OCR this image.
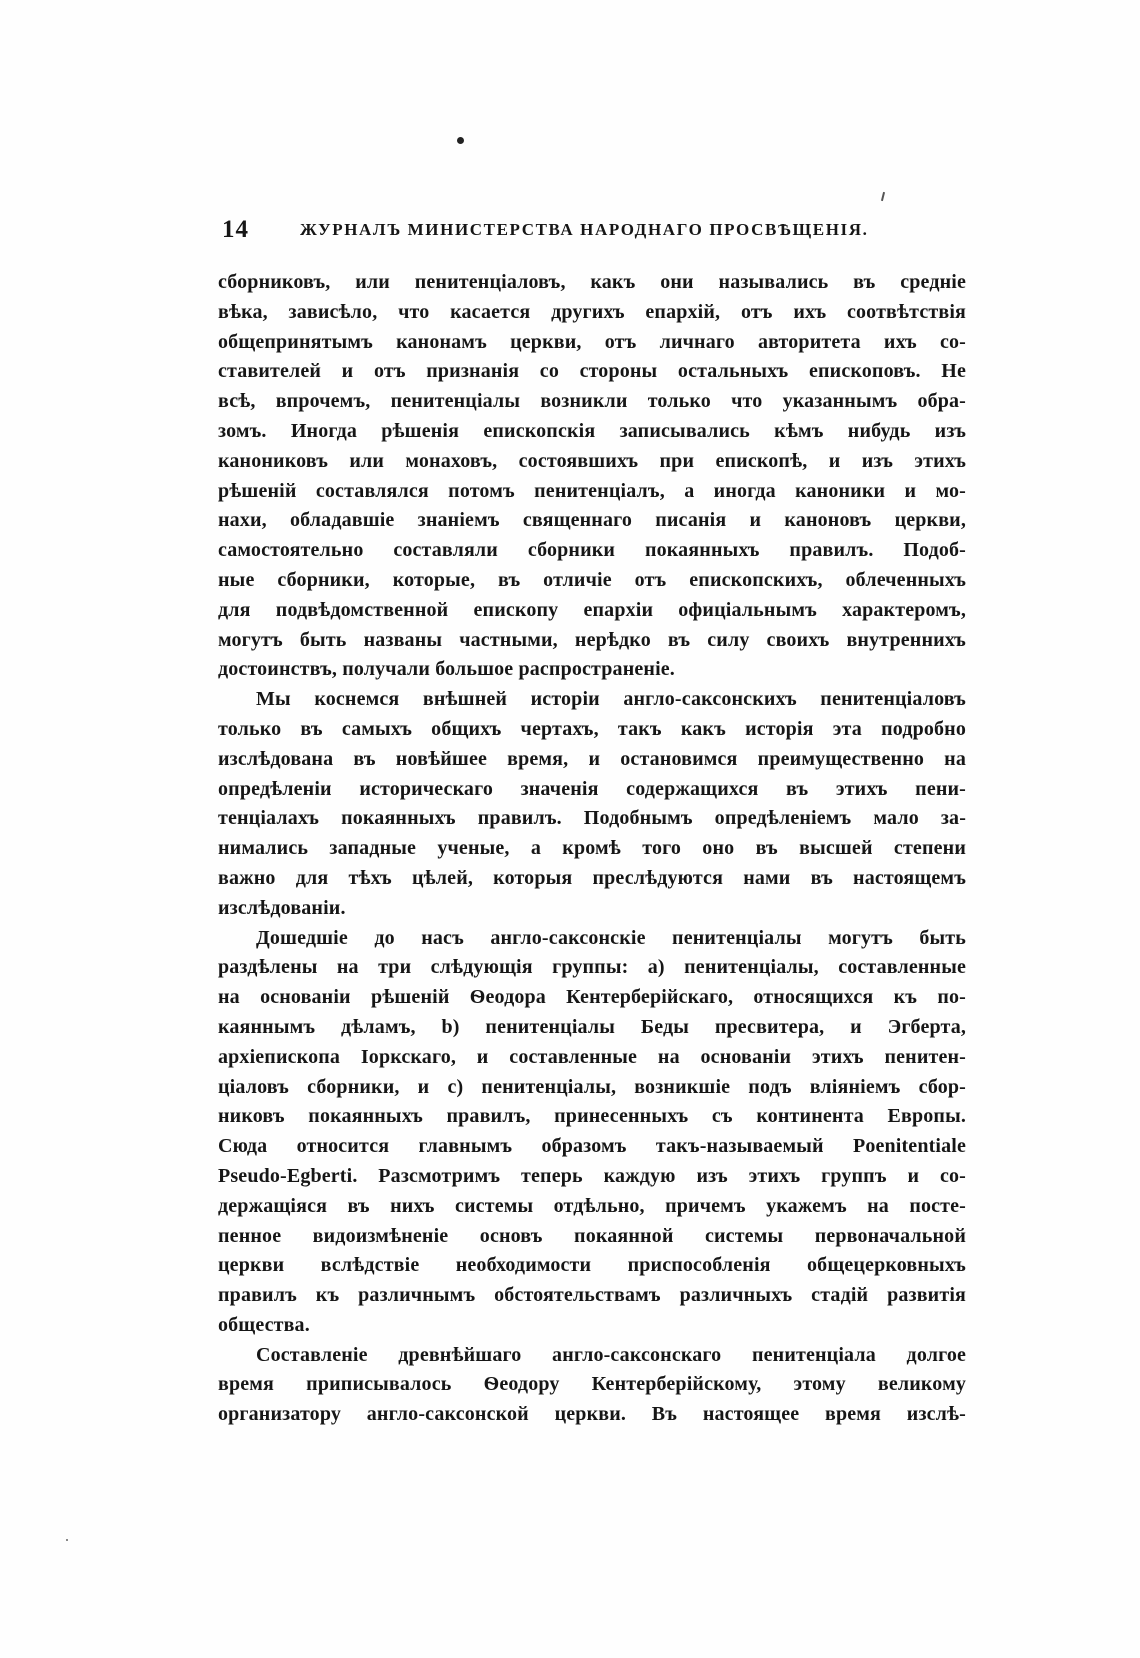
14	ЖУРНАЛЪ МИНИСТЕРСТВА НАРОДНАГО ПРОСВѢЩЕНІЯ.
сборниковъ, или пенитенціаловъ, какъ они назывались въ средніе
вѣка, зависѣло, что касается другихъ епархій, отъ ихъ соотвѣтствія
общепринятымъ канонамъ церкви, отъ личнаго авторитета ихъ со-
ставителей и отъ признанія со стороны остальныхъ епископовъ. Не
всѣ, впрочемъ, пенитенціалы возникли только что указаннымъ обра-
зомъ. Иногда рѣшенія епископскія записывались кѣмъ нибудь изъ
канониковъ или монаховъ, состоявшихъ при епископѣ, и изъ этихъ
рѣшеній составлялся потомъ пенитенціалъ, а иногда каноники и мо-
нахи, обладавшіе знаніемъ священнаго писанія и каноновъ церкви,
самостоятельно составляли сборники покаянныхъ правилъ. Подоб-
ные сборники, которые, въ отличіе отъ епископскихъ, облеченныхъ
для подвѣдомственной епископу епархіи офиціальнымъ характеромъ,
могутъ быть названы частными, нерѣдко въ силу своихъ внутреннихъ
достоинствъ, получали большое распространеніе.
Мы коснемся внѣшней исторіи англо-саксонскихъ пенитенціаловъ
только въ самыхъ общихъ чертахъ, такъ какъ исторія эта подробно
изслѣдована въ новѣйшее время, и остановимся преимущественно на
опредѣленіи историческаго значенія содержащихся въ этихъ пени-
тенціалахъ покаянныхъ правилъ. Подобнымъ опредѣленіемъ мало за-
нимались западные ученые, а кромѣ того оно въ высшей степени
важно для тѣхъ цѣлей, которыя преслѣдуются нами въ настоящемъ
изслѣдованіи.
Дошедшіе до насъ англо-саксонскіе пенитенціалы могутъ быть
раздѣлены на три слѣдующія группы: a) пенитенціалы, составленные
на основаніи рѣшеній Ѳеодора Кентерберійскаго, относящихся къ по-
каяннымъ дѣламъ, b) пенитенціалы Беды пресвитера, и Эгберта,
архіепископа Іоркскаго, и составленные на основаніи этихъ пенитен-
ціаловъ сборники, и c) пенитенціалы, возникшіе подъ вліяніемъ сбор-
никовъ покаянныхъ правилъ, принесенныхъ съ континента Европы.
Сюда относится главнымъ образомъ такъ-называемый Poenitentiale
Pseudo-Egberti. Разсмотримъ теперь каждую изъ этихъ группъ и со-
держащіяся въ нихъ системы отдѣльно, причемъ укажемъ на посте-
пенное видоизмѣненіе основъ покаянной системы первоначальной
церкви вслѣдствіе необходимости приспособленія общецерковныхъ
правилъ къ различнымъ обстоятельствамъ различныхъ стадій развитія
общества.
Составленіе древнѣйшаго англо-саксонскаго пенитенціала долгое
время приписывалось Ѳеодору Кентерберійскому, этому великому
организатору англо-саксонской церкви. Въ настоящее время изслѣ-
